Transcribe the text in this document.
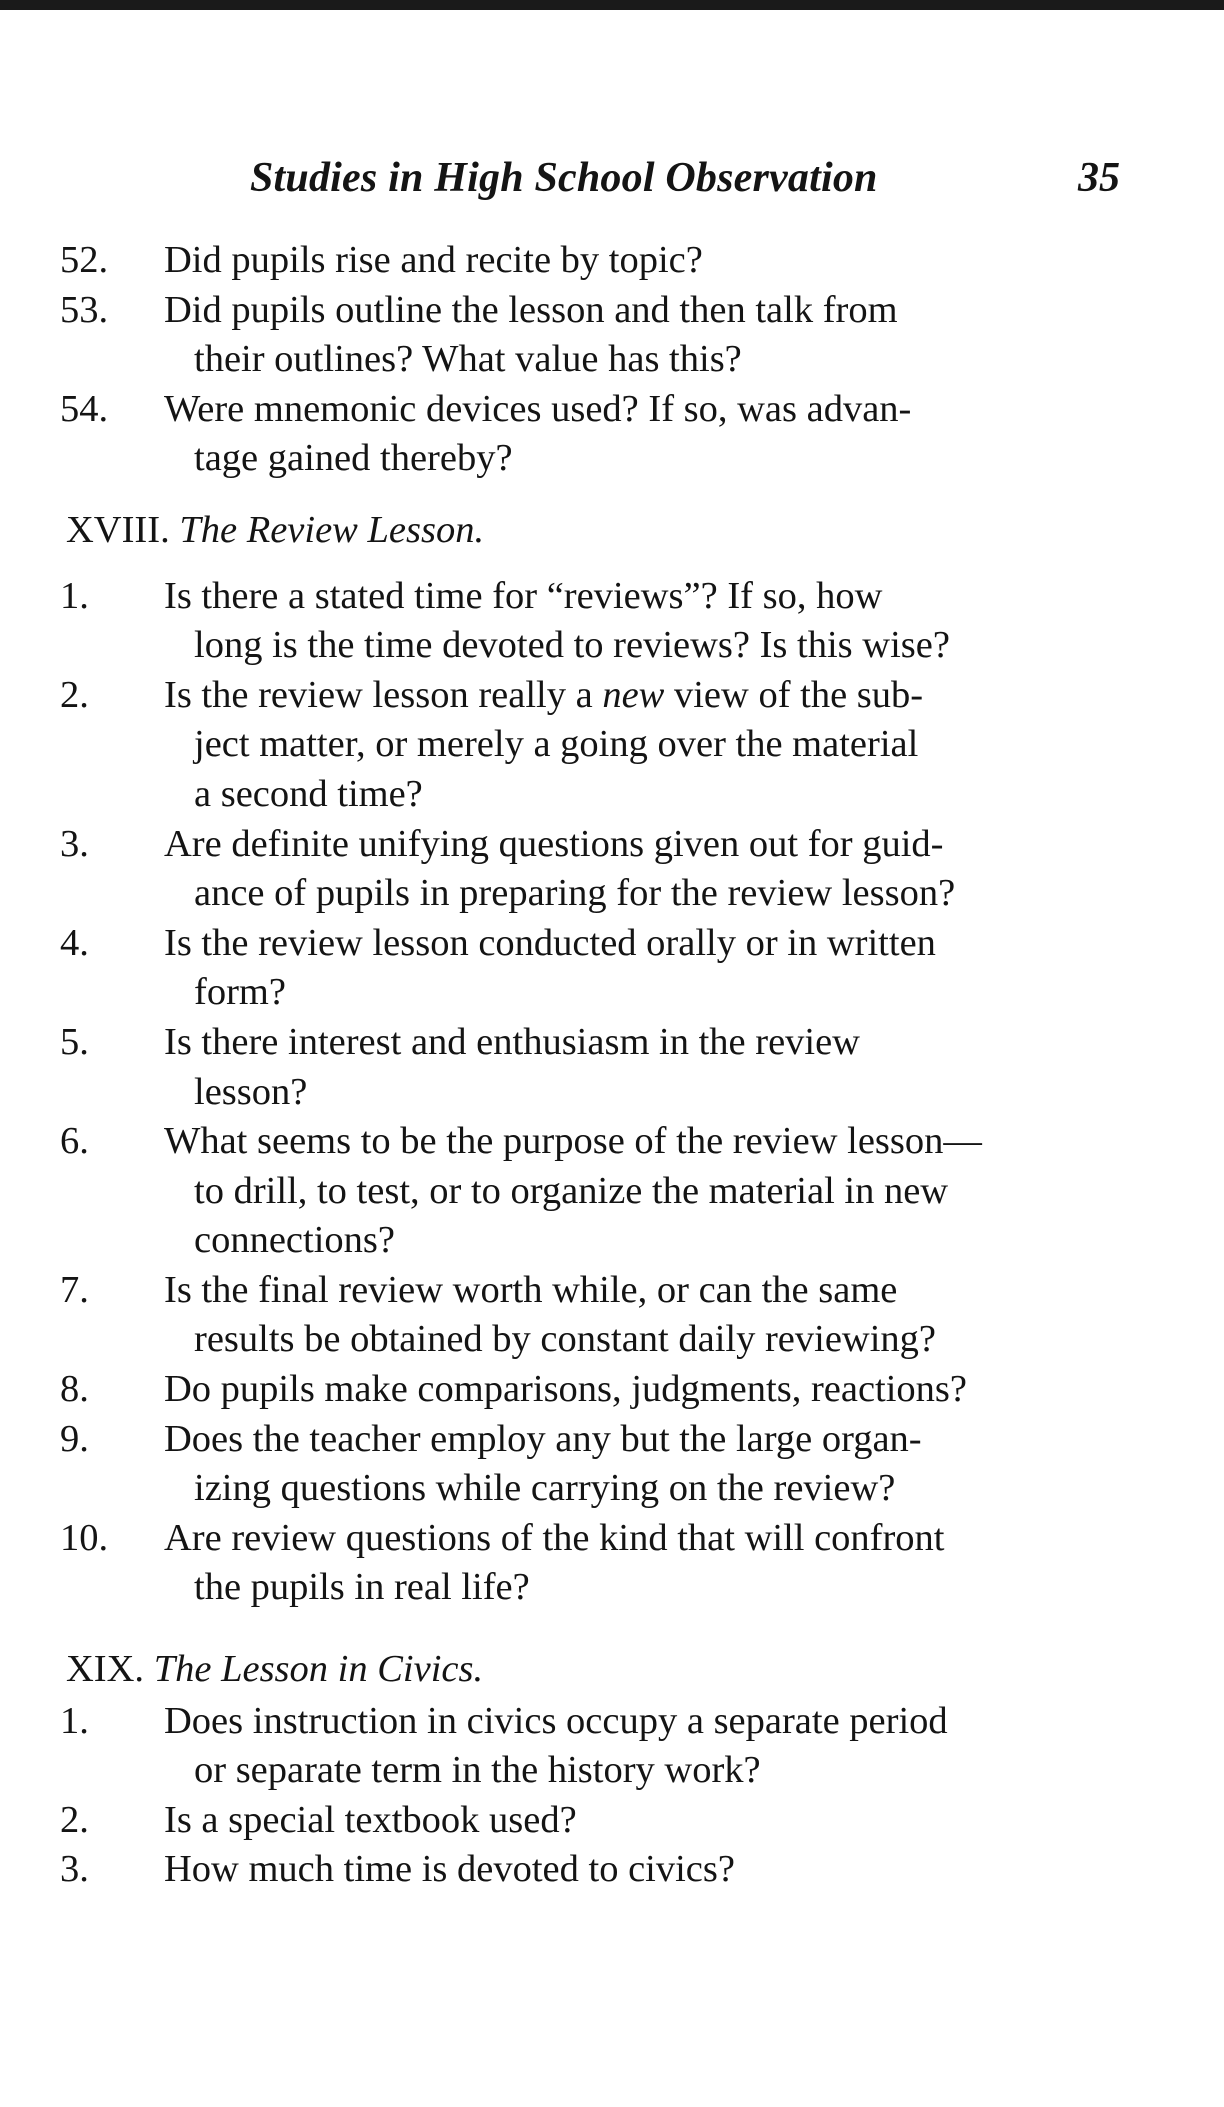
Studies in High School Observation	35
52.	Did pupils rise and recite by topic?
53.	Did pupils outline the lesson and then talk from
their outlines? What value has this?
54.	Were mnemonic devices used? If so, was advan-
tage gained thereby?
XVIII. The Review Lesson.
1.	Is there a stated time for “reviews”? If so, how
long is the time devoted to reviews? Is this wise?
2.	Is the review lesson really a new view of the sub-
ject matter, or merely a going over the material
a second time?
3.	Are definite unifying questions given out for guid-
ance of pupils in preparing for the review lesson?
4.	Is the review lesson conducted orally or in written
form?
5.	Is there interest and enthusiasm in the review
lesson?
6.	What seems to be the purpose of the review lesson—
to drill, to test, or to organize the material in new
connections?
7.	Is the final review worth while, or can the same
results be obtained by constant daily reviewing?
8.	Do pupils make comparisons, judgments, reactions?
9.	Does the teacher employ any but the large organ-
izing questions while carrying on the review?
10.	Are review questions of the kind that will confront
the pupils in real life?
XIX. The Lesson in Civics.
1.	Does instruction in civics occupy a separate period
or separate term in the history work?
2.	Is a special textbook used?
3.	How much time is devoted to civics?
